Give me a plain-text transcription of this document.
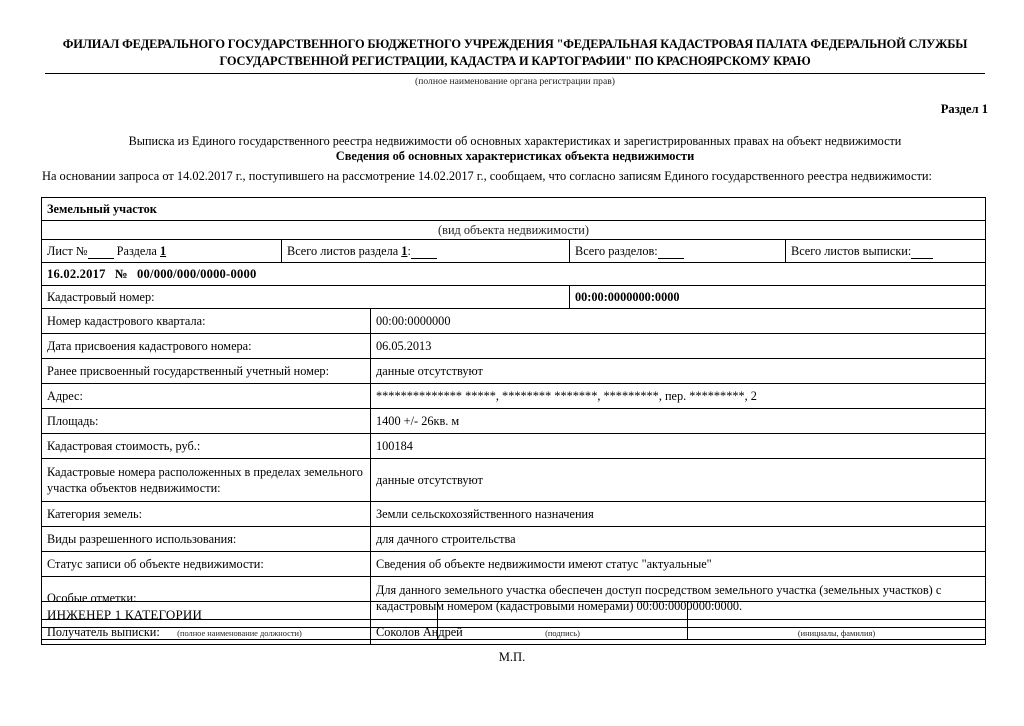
ФИЛИАЛ ФЕДЕРАЛЬНОГО ГОСУДАРСТВЕННОГО БЮДЖЕТНОГО УЧРЕЖДЕНИЯ "ФЕДЕРАЛЬНАЯ КАДАСТРОВАЯ ПАЛАТА ФЕДЕРАЛЬНОЙ СЛУЖБЫ ГОСУДАРСТВЕННОЙ РЕГИСТРАЦИИ, КАДАСТРА И КАРТОГРАФИИ" ПО КРАСНОЯРСКОМУ КРАЮ
(полное наименование органа регистрации прав)
Раздел 1
Выписка из Единого государственного реестра недвижимости об основных характеристиках и зарегистрированных правах на объект недвижимости
Сведения об основных характеристиках объекта недвижимости
На основании запроса от 14.02.2017 г., поступившего на рассмотрение 14.02.2017 г., сообщаем, что согласно записям Единого государственного реестра недвижимости:
Земельный участок			
(вид объекта недвижимости)			
Лист № Раздела 1	Всего листов раздела 1:	Всего разделов:	Всего листов выписки:
16.02.2017 № 00/000/000/0000-0000			
Кадастровый номер:		00:00:0000000:0000	
Номер кадастрового квартала:	00:00:0000000
Дата присвоения кадастрового номера:	06.05.2013
Ранее присвоенный государственный учетный номер:	данные отсутствуют
Адрес:	************** *****, ******** *******, *********, пер. *********, 2
Площадь:	1400 +/- 26кв. м
Кадастровая стоимость, руб.:	100184
Кадастровые номера расположенных в пределах земельного участка объектов недвижимости:	данные отсутствуют
Категория земель:	Земли сельскохозяйственного назначения
Виды разрешенного использования:	для дачного строительства
Статус записи об объекте недвижимости:	Сведения об объекте недвижимости имеют статус "актуальные"
Особые отметки:	Для данного земельного участка обеспечен доступ посредством земельного участка (земельных участков) с кадастровым номером (кадастровыми номерами) 00:00:0000000:0000.
Получатель выписки:	Соколов Андрей
ИНЖЕНЕР 1 КАТЕГОРИИ		
(полное наименование должности)	(подпись)	(инициалы, фамилия)
М.П.
